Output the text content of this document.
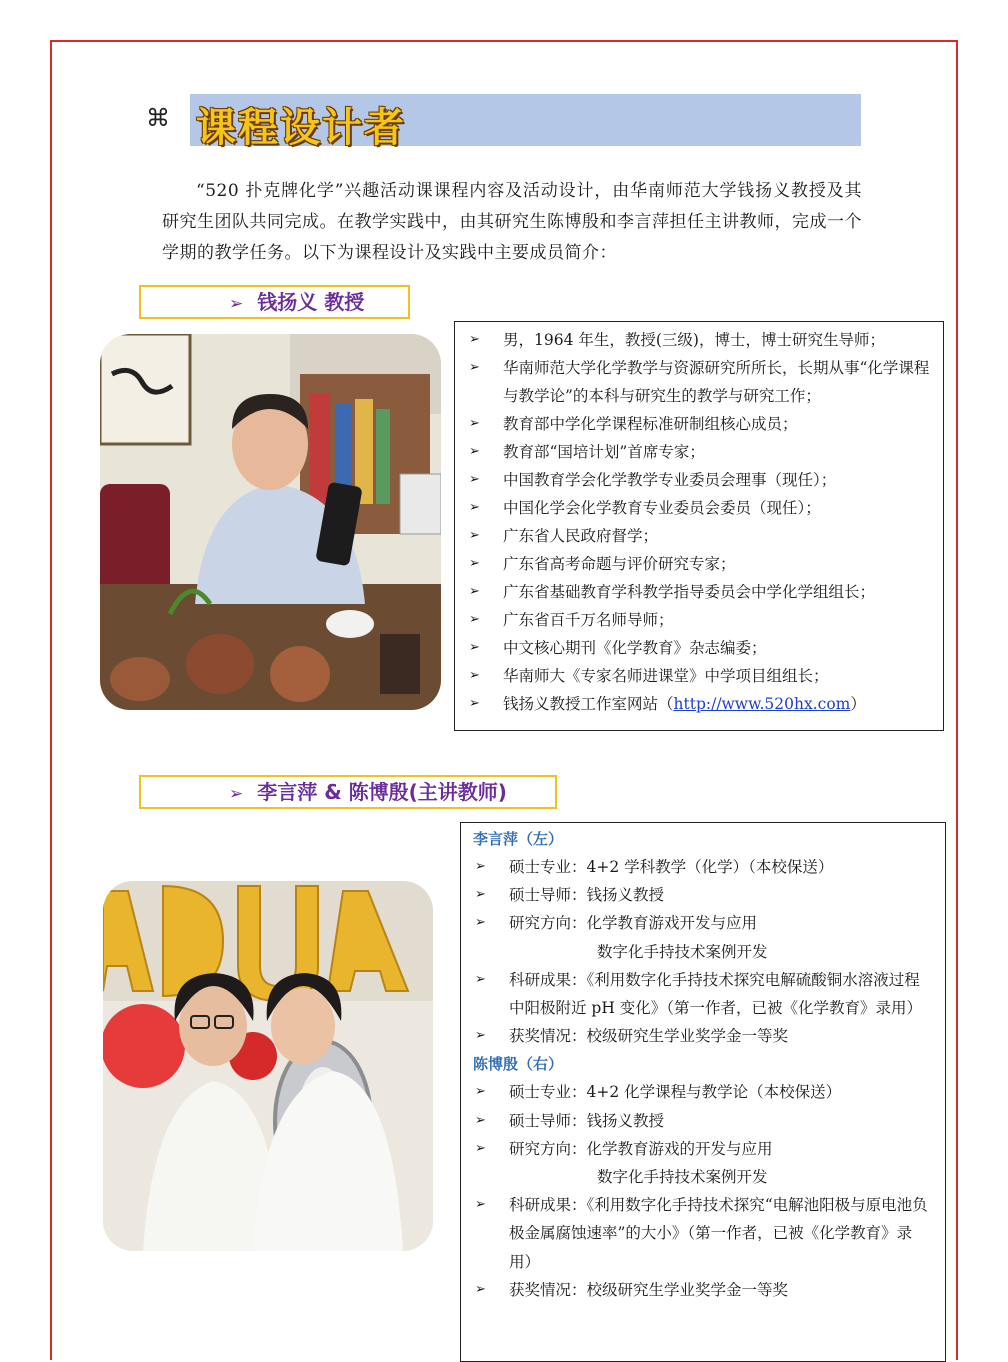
⌘ 课程设计者
“520 扑克牌化学”兴趣活动课课程内容及活动设计，由华南师范大学钱扬义教授及其研究生团队共同完成。在教学实践中，由其研究生陈博殷和李言萍担任主讲教师，完成一个学期的教学任务。以下为课程设计及实践中主要成员简介：
➢ 钱扬义 教授
➢ 男，1964 年生，教授(三级)，博士，博士研究生导师；
➢ 华南师范大学化学教学与资源研究所所长，长期从事“化学课程与教学论”的本科与研究生的教学与研究工作；
➢ 教育部中学化学课程标准研制组核心成员；
➢ 教育部“国培计划”首席专家；
➢ 中国教育学会化学教学专业委员会理事（现任）；
➢ 中国化学会化学教育专业委员会委员（现任）；
➢ 广东省人民政府督学；
➢ 广东省高考命题与评价研究专家；
➢ 广东省基础教育学科教学指导委员会中学化学组组长；
➢ 广东省百千万名师导师；
➢ 中文核心期刊《化学教育》杂志编委；
➢ 华南师大《专家名师进课堂》中学项目组组长；
➢ 钱扬义教授工作室网站（http://www.520hx.com）
➢ 李言萍 & 陈博殷(主讲教师)
李言萍（左）
➢ 硕士专业：4+2 学科教学（化学）（本校保送）
➢ 硕士导师：钱扬义教授
➢ 研究方向：化学教育游戏开发与应用
数字化手持技术案例开发
➢ 科研成果：《利用数字化手持技术探究电解硫酸铜水溶液过程中阳极附近 pH 变化》（第一作者，已被《化学教育》录用）
➢ 获奖情况：校级研究生学业奖学金一等奖
陈博殷（右）
➢ 硕士专业：4+2 化学课程与教学论（本校保送）
➢ 硕士导师：钱扬义教授
➢ 研究方向：化学教育游戏的开发与应用
数字化手持技术案例开发
➢ 科研成果：《利用数字化手持技术探究“电解池阳极与原电池负极金属腐蚀速率”的大小》（第一作者，已被《化学教育》录用）
➢ 获奖情况：校级研究生学业奖学金一等奖
